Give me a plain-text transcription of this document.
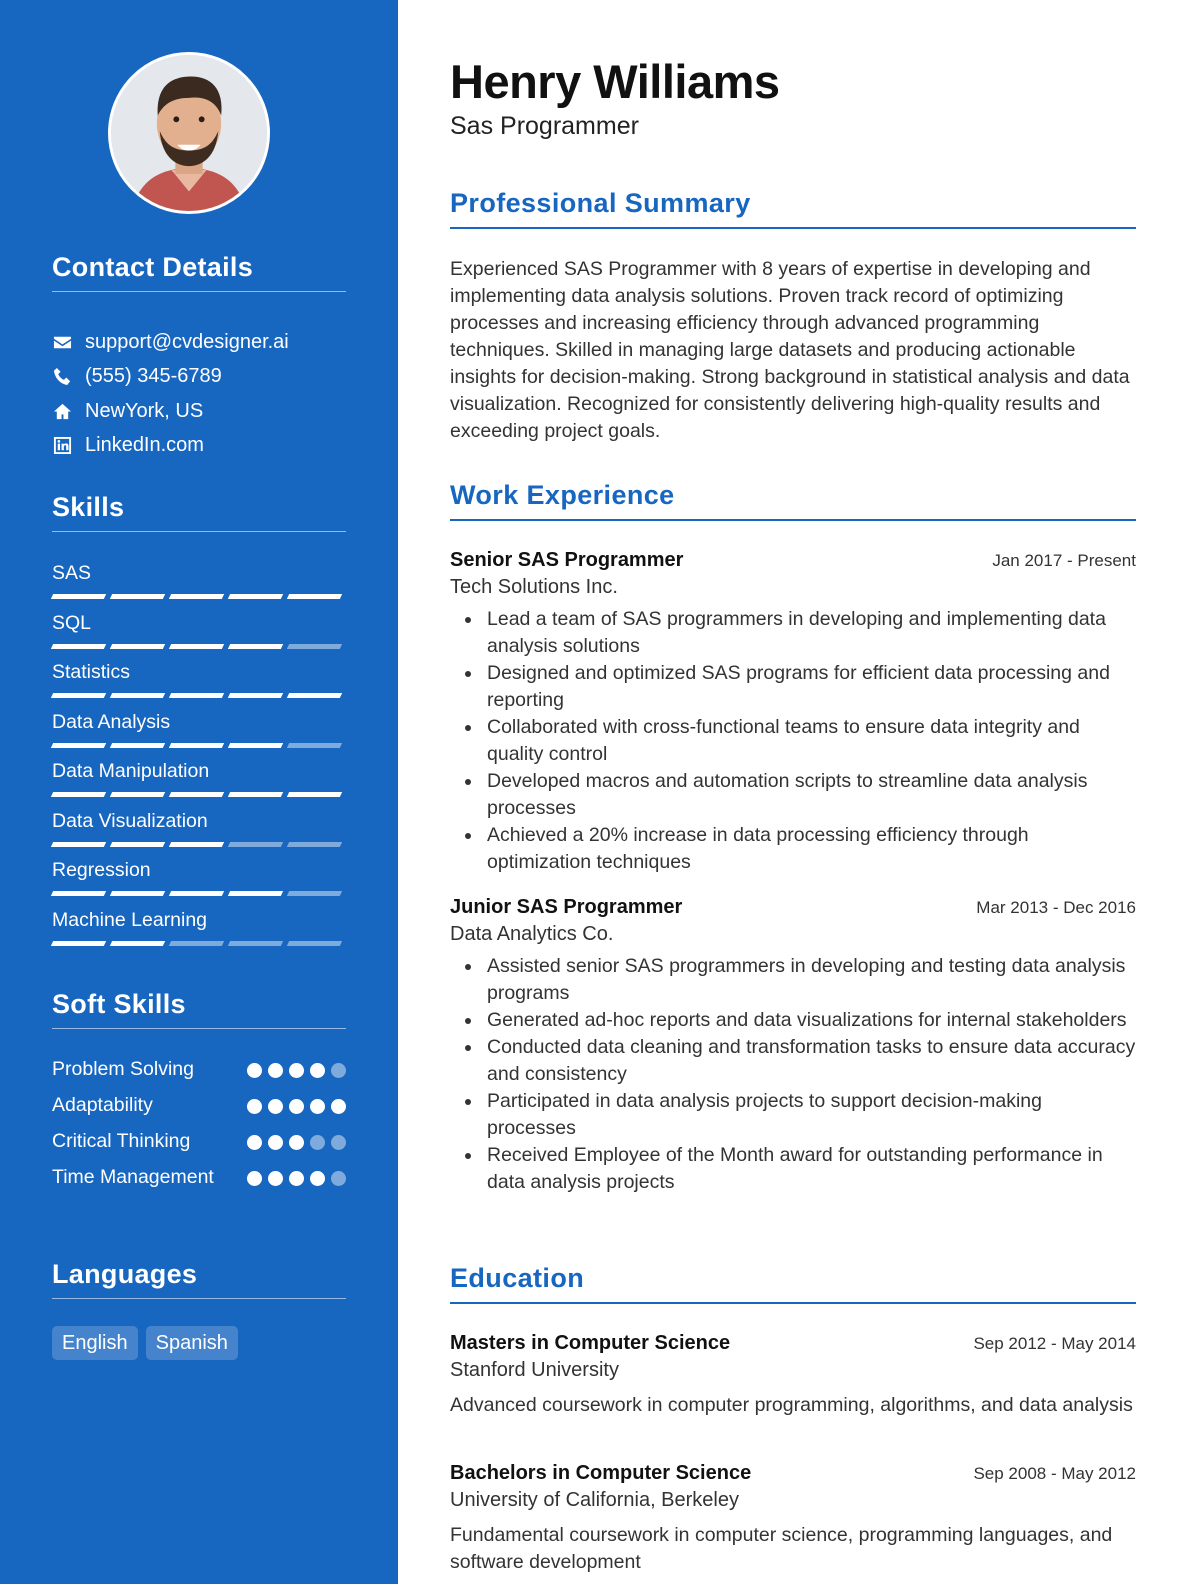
Contact Details
support@cvdesigner.ai
(555) 345-6789
NewYork, US
LinkedIn.com
Skills
SAS
SQL
Statistics
Data Analysis
Data Manipulation
Data Visualization
Regression
Machine Learning
Soft Skills
Problem Solving
Adaptability
Critical Thinking
Time Management
Languages
English	Spanish
Henry Williams
Sas Programmer
Professional Summary

Experienced SAS Programmer with 8 years of expertise in developing and implementing data analysis solutions. Proven track record of optimizing processes and increasing efficiency through advanced programming techniques. Skilled in managing large datasets and producing actionable insights for decision-making. Strong background in statistical analysis and data visualization. Recognized for consistently delivering high-quality results and exceeding project goals.

Work Experience
Senior SAS Programmer	Jan 2017 - Present
Tech Solutions Inc.
Lead a team of SAS programmers in developing and implementing data analysis solutions
Designed and optimized SAS programs for efficient data processing and reporting
Collaborated with cross-functional teams to ensure data integrity and quality control
Developed macros and automation scripts to streamline data analysis processes
Achieved a 20% increase in data processing efficiency through optimization techniques
Junior SAS Programmer	Mar 2013 - Dec 2016
Data Analytics Co.
Assisted senior SAS programmers in developing and testing data analysis programs
Generated ad-hoc reports and data visualizations for internal stakeholders
Conducted data cleaning and transformation tasks to ensure data accuracy and consistency
Participated in data analysis projects to support decision-making processes
Received Employee of the Month award for outstanding performance in data analysis projects
Education
Masters in Computer Science	Sep 2012 - May 2014
Stanford University

Advanced coursework in computer programming, algorithms, and data analysis

Bachelors in Computer Science	Sep 2008 - May 2012
University of California, Berkeley

Fundamental coursework in computer science, programming languages, and software development
